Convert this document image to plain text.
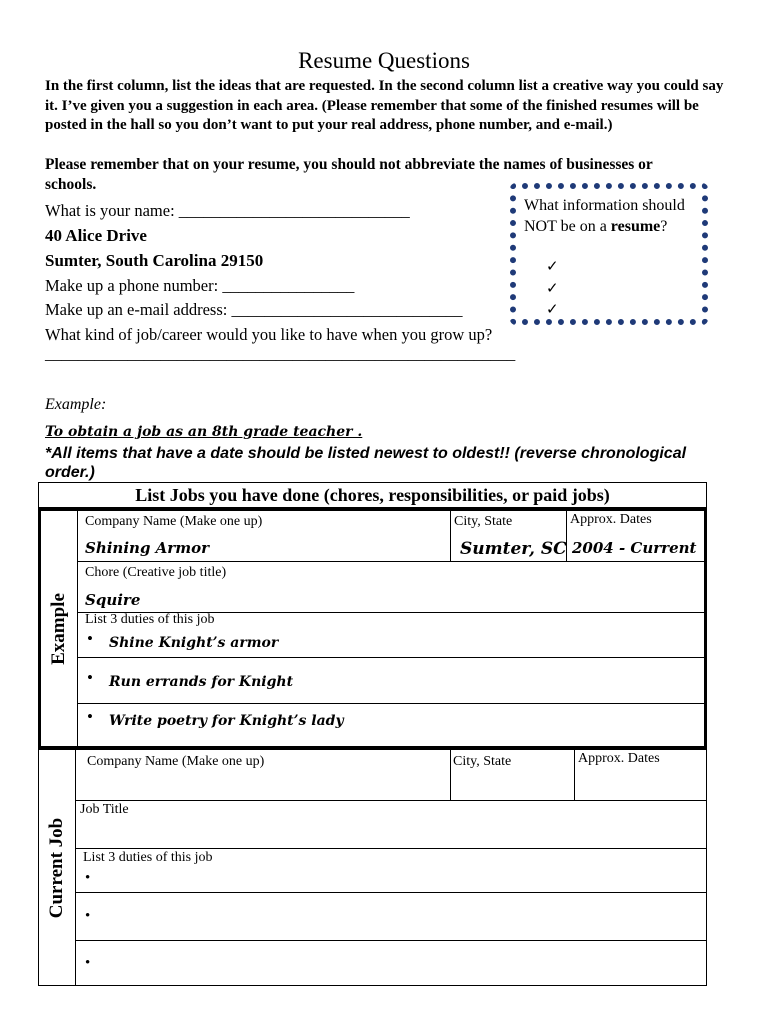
Resume Questions
In the first column, list the ideas that are requested. In the second column list a creative way you could say it. I’ve given you a suggestion in each area. (Please remember that some of the finished resumes will be posted in the hall so you don’t want to put your real address, phone number, and e-mail.)
Please remember that on your resume, you should not abbreviate the names of businesses or schools.
What is your name: ____________________________
40 Alice Drive
Sumter, South Carolina 29150
Make up a phone number: ________________
Make up an e-mail address: ____________________________
What kind of job/career would you like to have when you grow up?
_________________________________________________________
What information should NOT be on a resume?
✓
✓
✓
Example:
To obtain a job as an 8th grade teacher .
*All items that have a date should be listed newest to oldest!! (reverse chronological order.)
List Jobs you have done (chores, responsibilities, or paid jobs)
Example
Company Name (Make one up)
Shining Armor
City, State
Sumter, SC
Approx. Dates
2004 - Current
Chore (Creative job title)
Squire
List 3 duties of this job
• Shine Knight’s armor
• Run errands for Knight
• Write poetry for Knight’s lady
Current Job
Company Name (Make one up)	City, State	Approx. Dates
Job Title
List 3 duties of this job
•
•
•
